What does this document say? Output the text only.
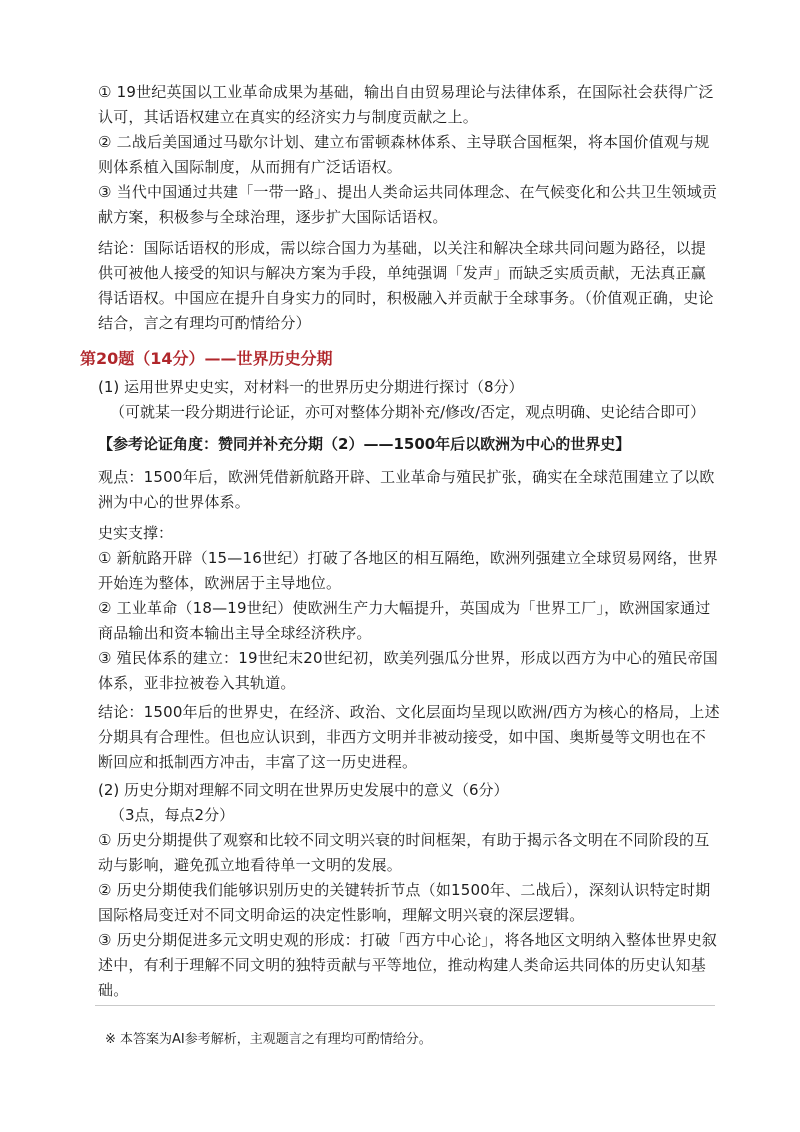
① 19世纪英国以工业革命成果为基础，输出自由贸易理论与法律体系，在国际社会获得广泛认可，其话语权建立在真实的经济实力与制度贡献之上。
② 二战后美国通过马歇尔计划、建立布雷顿森林体系、主导联合国框架，将本国价值观与规则体系植入国际制度，从而拥有广泛话语权。
③ 当代中国通过共建「一带一路」、提出人类命运共同体理念、在气候变化和公共卫生领域贡献方案，积极参与全球治理，逐步扩大国际话语权。
结论：国际话语权的形成，需以综合国力为基础，以关注和解决全球共同问题为路径，以提供可被他人接受的知识与解决方案为手段，单纯强调「发声」而缺乏实质贡献，无法真正赢得话语权。中国应在提升自身实力的同时，积极融入并贡献于全球事务。（价值观正确，史论结合，言之有理均可酌情给分）
第20题（14分）——世界历史分期
(1) 运用世界史史实，对材料一的世界历史分期进行探讨（8分）
（可就某一段分期进行论证，亦可对整体分期补充/修改/否定，观点明确、史论结合即可）
【参考论证角度：赞同并补充分期（2）——1500年后以欧洲为中心的世界史】
观点：1500年后，欧洲凭借新航路开辟、工业革命与殖民扩张，确实在全球范围建立了以欧洲为中心的世界体系。
史实支撑：
① 新航路开辟（15—16世纪）打破了各地区的相互隔绝，欧洲列强建立全球贸易网络，世界开始连为整体，欧洲居于主导地位。
② 工业革命（18—19世纪）使欧洲生产力大幅提升，英国成为「世界工厂」，欧洲国家通过商品输出和资本输出主导全球经济秩序。
③ 殖民体系的建立：19世纪末20世纪初，欧美列强瓜分世界，形成以西方为中心的殖民帝国体系，亚非拉被卷入其轨道。
结论：1500年后的世界史，在经济、政治、文化层面均呈现以欧洲/西方为核心的格局，上述分期具有合理性。但也应认识到，非西方文明并非被动接受，如中国、奥斯曼等文明也在不断回应和抵制西方冲击，丰富了这一历史进程。
(2) 历史分期对理解不同文明在世界历史发展中的意义（6分）
（3点，每点2分）
① 历史分期提供了观察和比较不同文明兴衰的时间框架，有助于揭示各文明在不同阶段的互动与影响，避免孤立地看待单一文明的发展。
② 历史分期使我们能够识别历史的关键转折节点（如1500年、二战后），深刻认识特定时期国际格局变迁对不同文明命运的决定性影响，理解文明兴衰的深层逻辑。
③ 历史分期促进多元文明史观的形成：打破「西方中心论」，将各地区文明纳入整体世界史叙述中，有利于理解不同文明的独特贡献与平等地位，推动构建人类命运共同体的历史认知基础。
※ 本答案为AI参考解析，主观题言之有理均可酌情给分。
